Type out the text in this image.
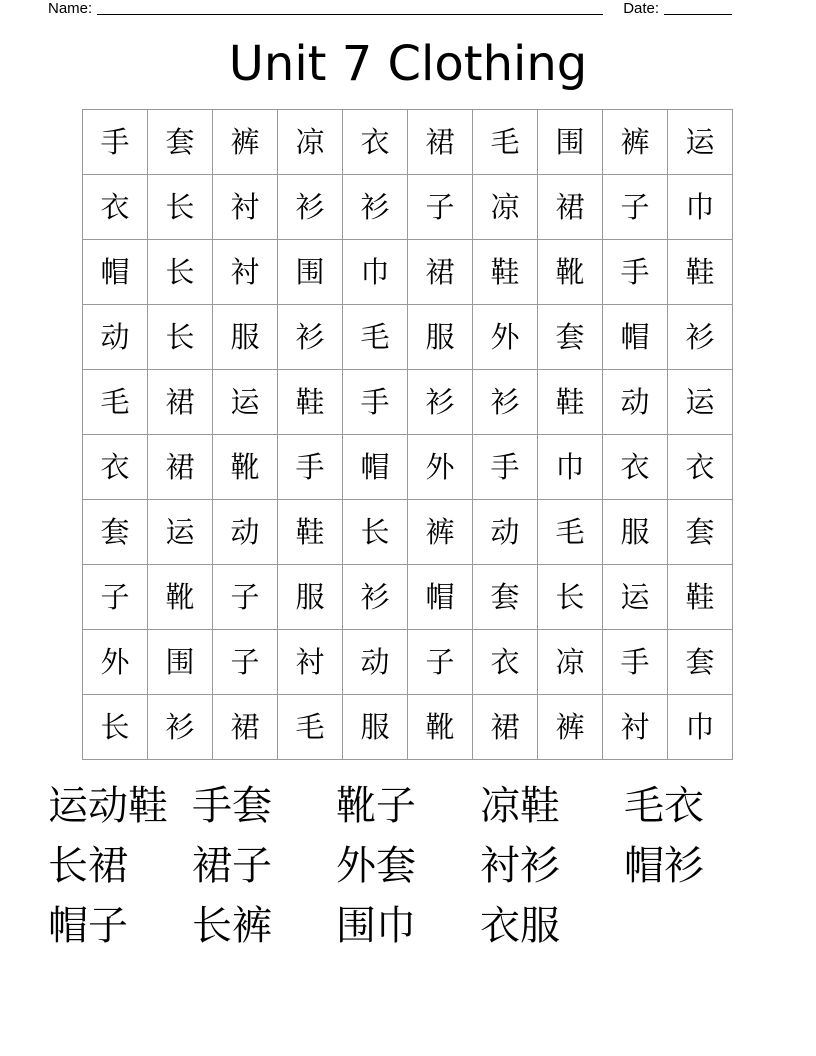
Name:	Date:
Unit 7 Clothing
手	套	裤	凉	衣	裙	毛	围	裤	运
衣	长	衬	衫	衫	子	凉	裙	子	巾
帽	长	衬	围	巾	裙	鞋	靴	手	鞋
动	长	服	衫	毛	服	外	套	帽	衫
毛	裙	运	鞋	手	衫	衫	鞋	动	运
衣	裙	靴	手	帽	外	手	巾	衣	衣
套	运	动	鞋	长	裤	动	毛	服	套
子	靴	子	服	衫	帽	套	长	运	鞋
外	围	子	衬	动	子	衣	凉	手	套
长	衫	裙	毛	服	靴	裙	裤	衬	巾
运动鞋 手套	靴子	凉鞋	毛衣
长裙	裙子	外套	衬衫	帽衫
帽子	长裤	围巾	衣服
